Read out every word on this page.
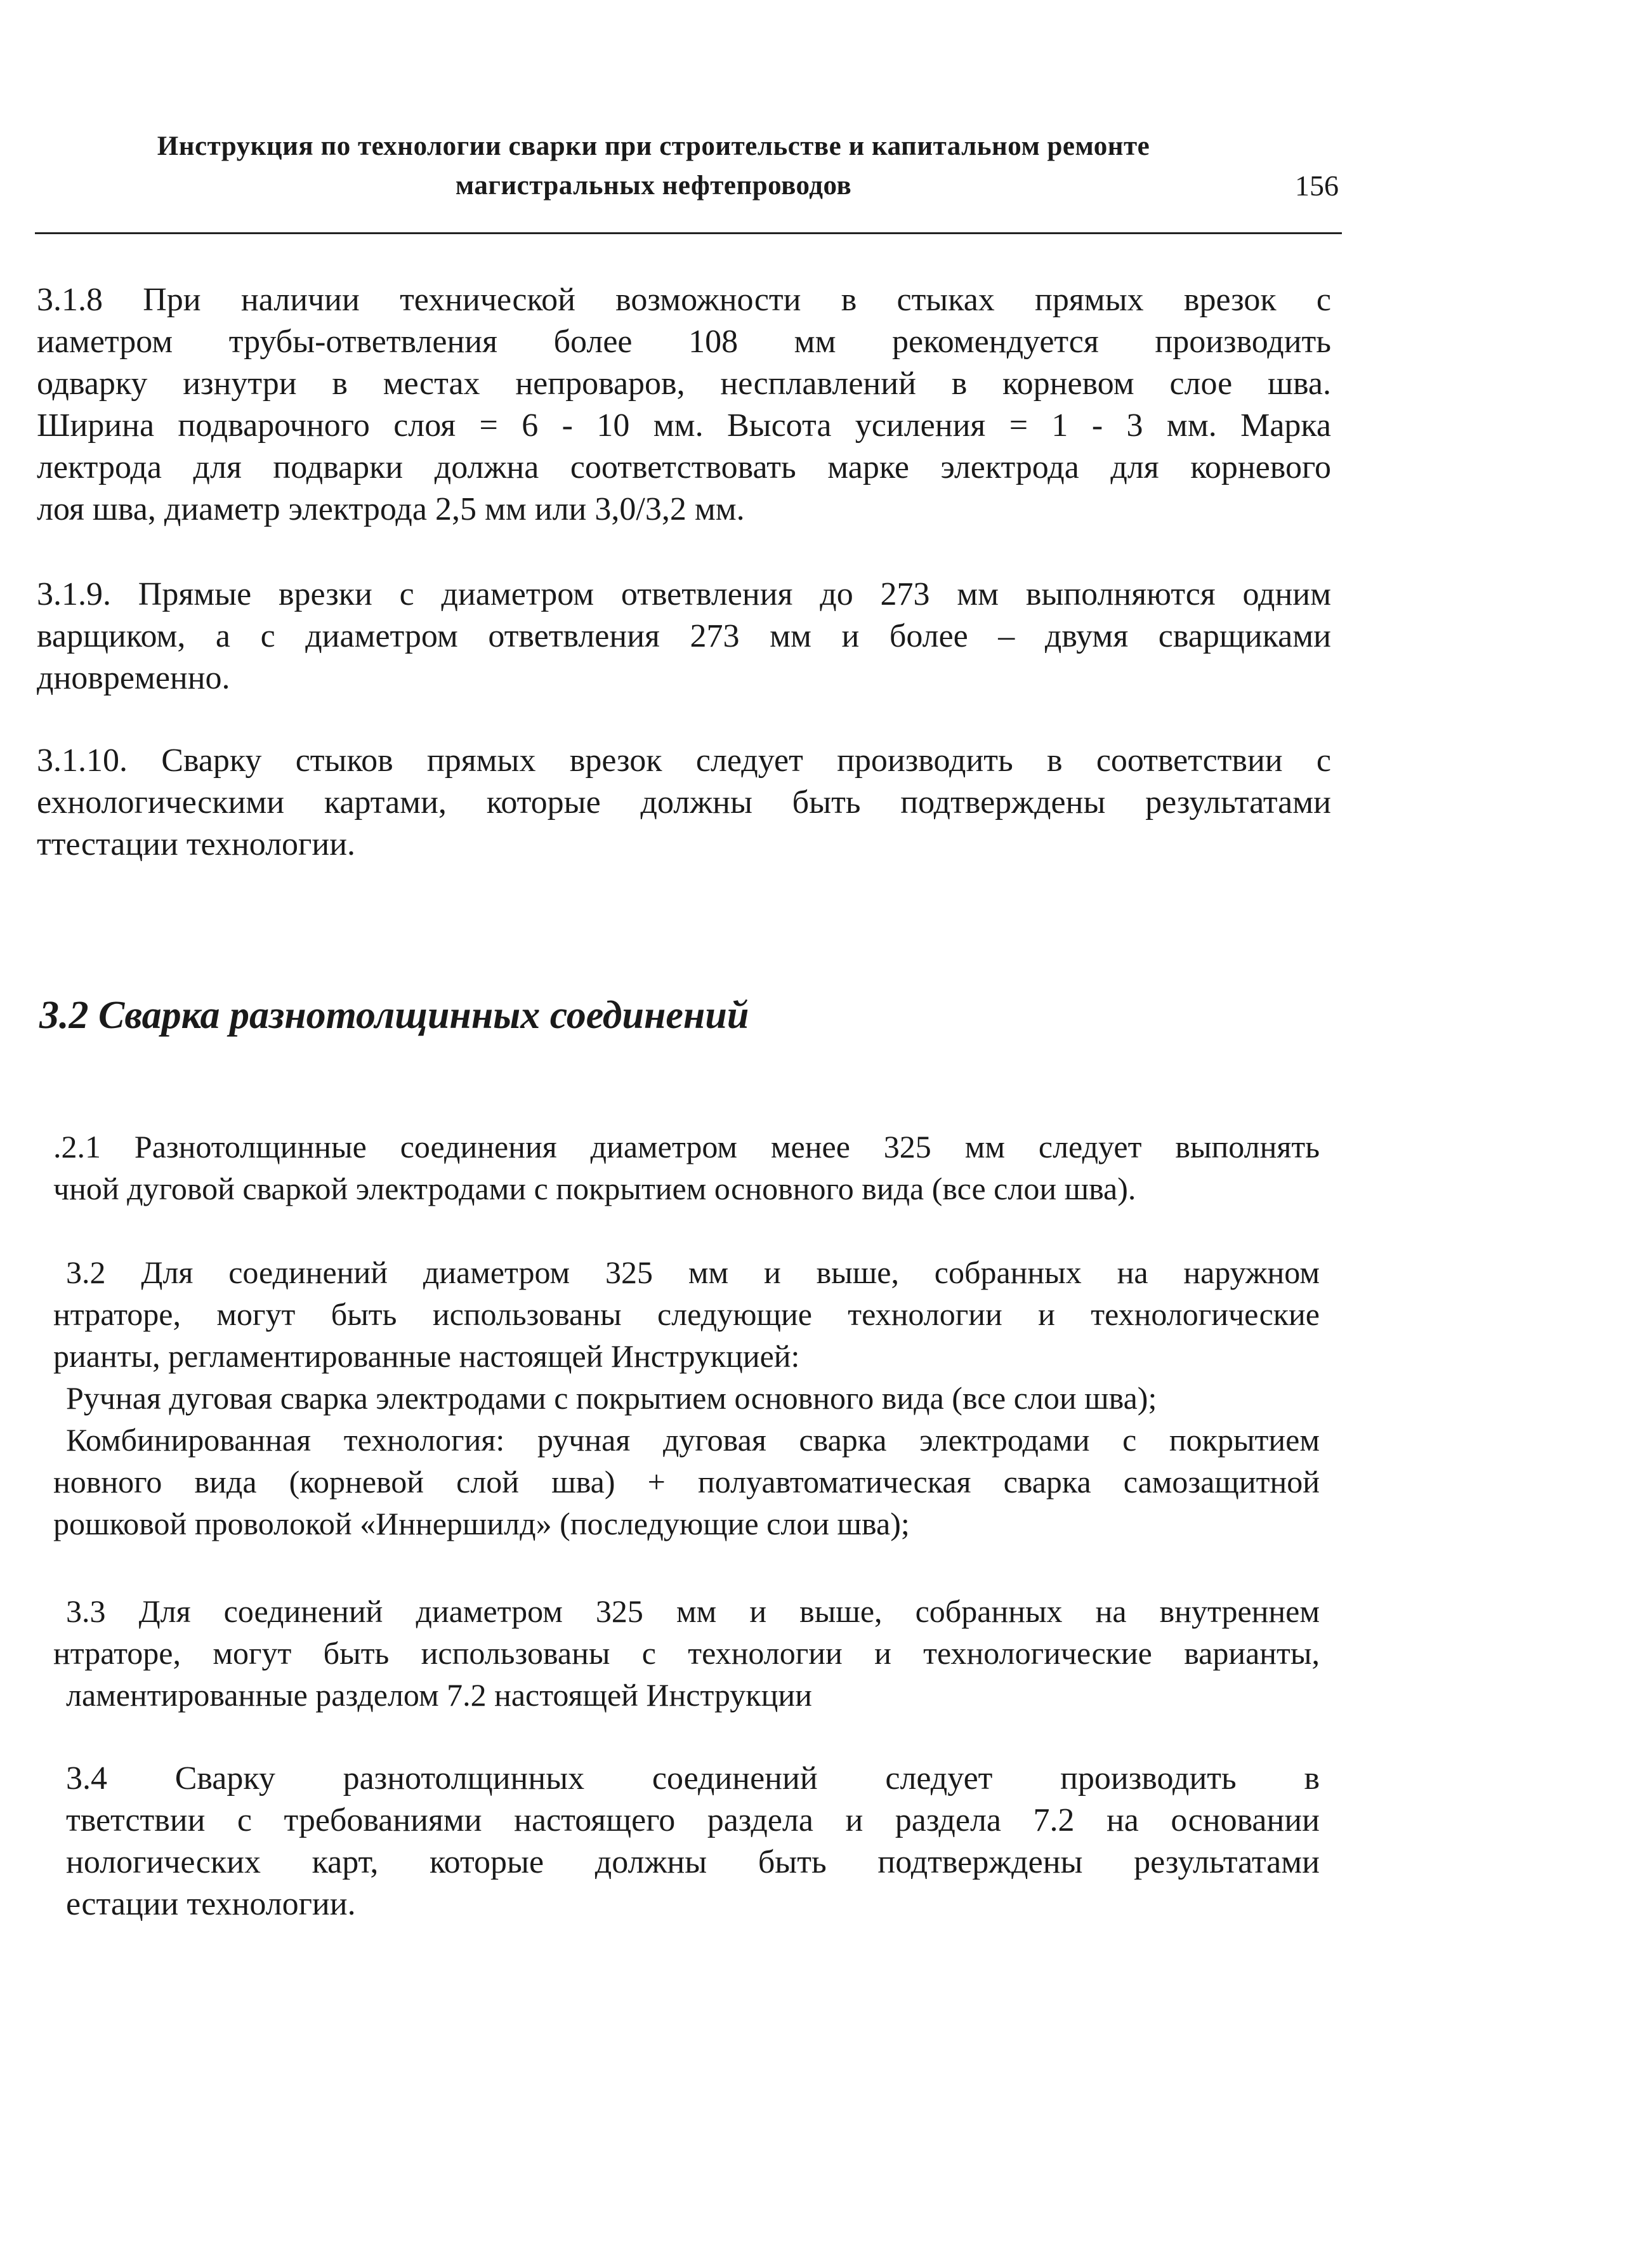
Инструкция по технологии сварки при строительстве и капитальном ремонте
магистральных нефтепроводов	156
3.1.8 При наличии технической возможности в стыках прямых врезок с
иаметром трубы-ответвления более 108 мм рекомендуется производить
одварку изнутри в местах непроваров, несплавлений в корневом слое шва.
Ширина подварочного слоя = 6 - 10 мм. Высота усиления = 1 - 3 мм. Марка
лектрода для подварки должна соответствовать марке электрода для корневого
лоя шва, диаметр электрода 2,5 мм или 3,0/3,2 мм.
3.1.9. Прямые врезки с диаметром ответвления до 273 мм выполняются одним
варщиком, а с диаметром ответвления 273 мм и более – двумя сварщиками
дновременно.
3.1.10. Сварку стыков прямых врезок следует производить в соответствии с
ехнологическими картами, которые должны быть подтверждены результатами
ттестации технологии.
3.2 Сварка разнотолщинных соединений
.2.1 Разнотолщинные соединения диаметром менее 325 мм следует выполнять
чной дуговой сваркой электродами с покрытием основного вида (все слои шва).
3.2 Для соединений диаметром 325 мм и выше, собранных на наружном
нтраторе, могут быть использованы следующие технологии и технологические
рианты, регламентированные настоящей Инструкцией:
Ручная дуговая сварка электродами с покрытием основного вида (все слои шва);
Комбинированная технология: ручная дуговая сварка электродами с покрытием
новного вида (корневой слой шва) + полуавтоматическая сварка самозащитной
рошковой проволокой «Иннершилд» (последующие слои шва);
3.3 Для соединений диаметром 325 мм и выше, собранных на внутреннем
нтраторе, могут быть использованы с технологии и технологические варианты,
ламентированные разделом 7.2 настоящей Инструкции
3.4 Сварку разнотолщинных соединений следует производить в
тветствии с требованиями настоящего раздела и раздела 7.2 на основании
нологических карт, которые должны быть подтверждены результатами
естации технологии.
